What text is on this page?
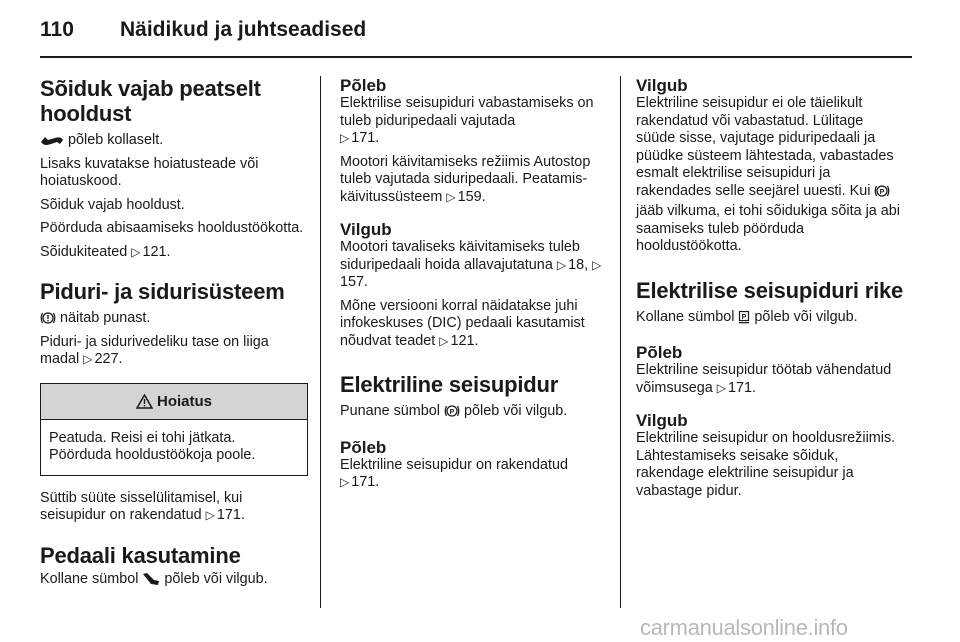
110	Näidikud ja juhtseadised
Sõiduk vajab peatselt hooldust

põleb kollaselt.

Lisaks kuvatakse hoiatusteade või hoiatuskood.

Sõiduk vajab hooldust.

Pöörduda abisaamiseks hooldustöökotta.

Sõidukiteated ▷ 121.

Piduri- ja sidurisüsteem

näitab punast.

Piduri- ja sidurivedeliku tase on liiga madal ▷ 227.

Hoiatus

Peatuda. Reisi ei tohi jätkata. Pöörduda hooldustöökoja poole.

Süttib süüte sisselülitamisel, kui seisupidur on rakendatud ▷ 171.

Pedaali kasutamine

Kollane sümbol põleb või vilgub.

Põleb

Elektrilise seisupiduri vabastamiseks on tuleb piduripedaali vajutada
▷ 171.

Mootori käivitamiseks režiimis Autostop tuleb vajutada siduripedaali. Peatamis-käivitussüsteem ▷ 159.

Vilgub

Mootori tavaliseks käivitamiseks tuleb siduripedaali hoida allavajutatuna ▷ 18, ▷157.

Mõne versiooni korral näidatakse juhi infokeskuses (DIC) pedaali kasutamist nõudvat teadet ▷ 121.

Elektriline seisupidur

Punane sümbol P põleb või vilgub.

Põleb

Elektriline seisupidur on rakendatud
▷ 171.

Vilgub

Elektriline seisupidur ei ole täielikult rakendatud või vabastatud. Lülitage süüde sisse, vajutage piduripedaali ja püüdke süsteem lähtestada, vabastades esmalt elektrilise seisupiduri ja rakendades selle seejärel uuesti. Kui P
jääb vilkuma, ei tohi sõidukiga sõita ja abi saamiseks tuleb pöörduda hooldustöökotta.

Elektrilise seisupiduri rike

Kollane sümbol P põleb või vilgub.

Põleb

Elektriline seisupidur töötab vähendatud võimsusega ▷ 171.

Vilgub

Elektriline seisupidur on hooldusrežiimis. Lähtestamiseks seisake sõiduk, rakendage elektriline seisupidur ja vabastage pidur.

carmanualsonline.info
